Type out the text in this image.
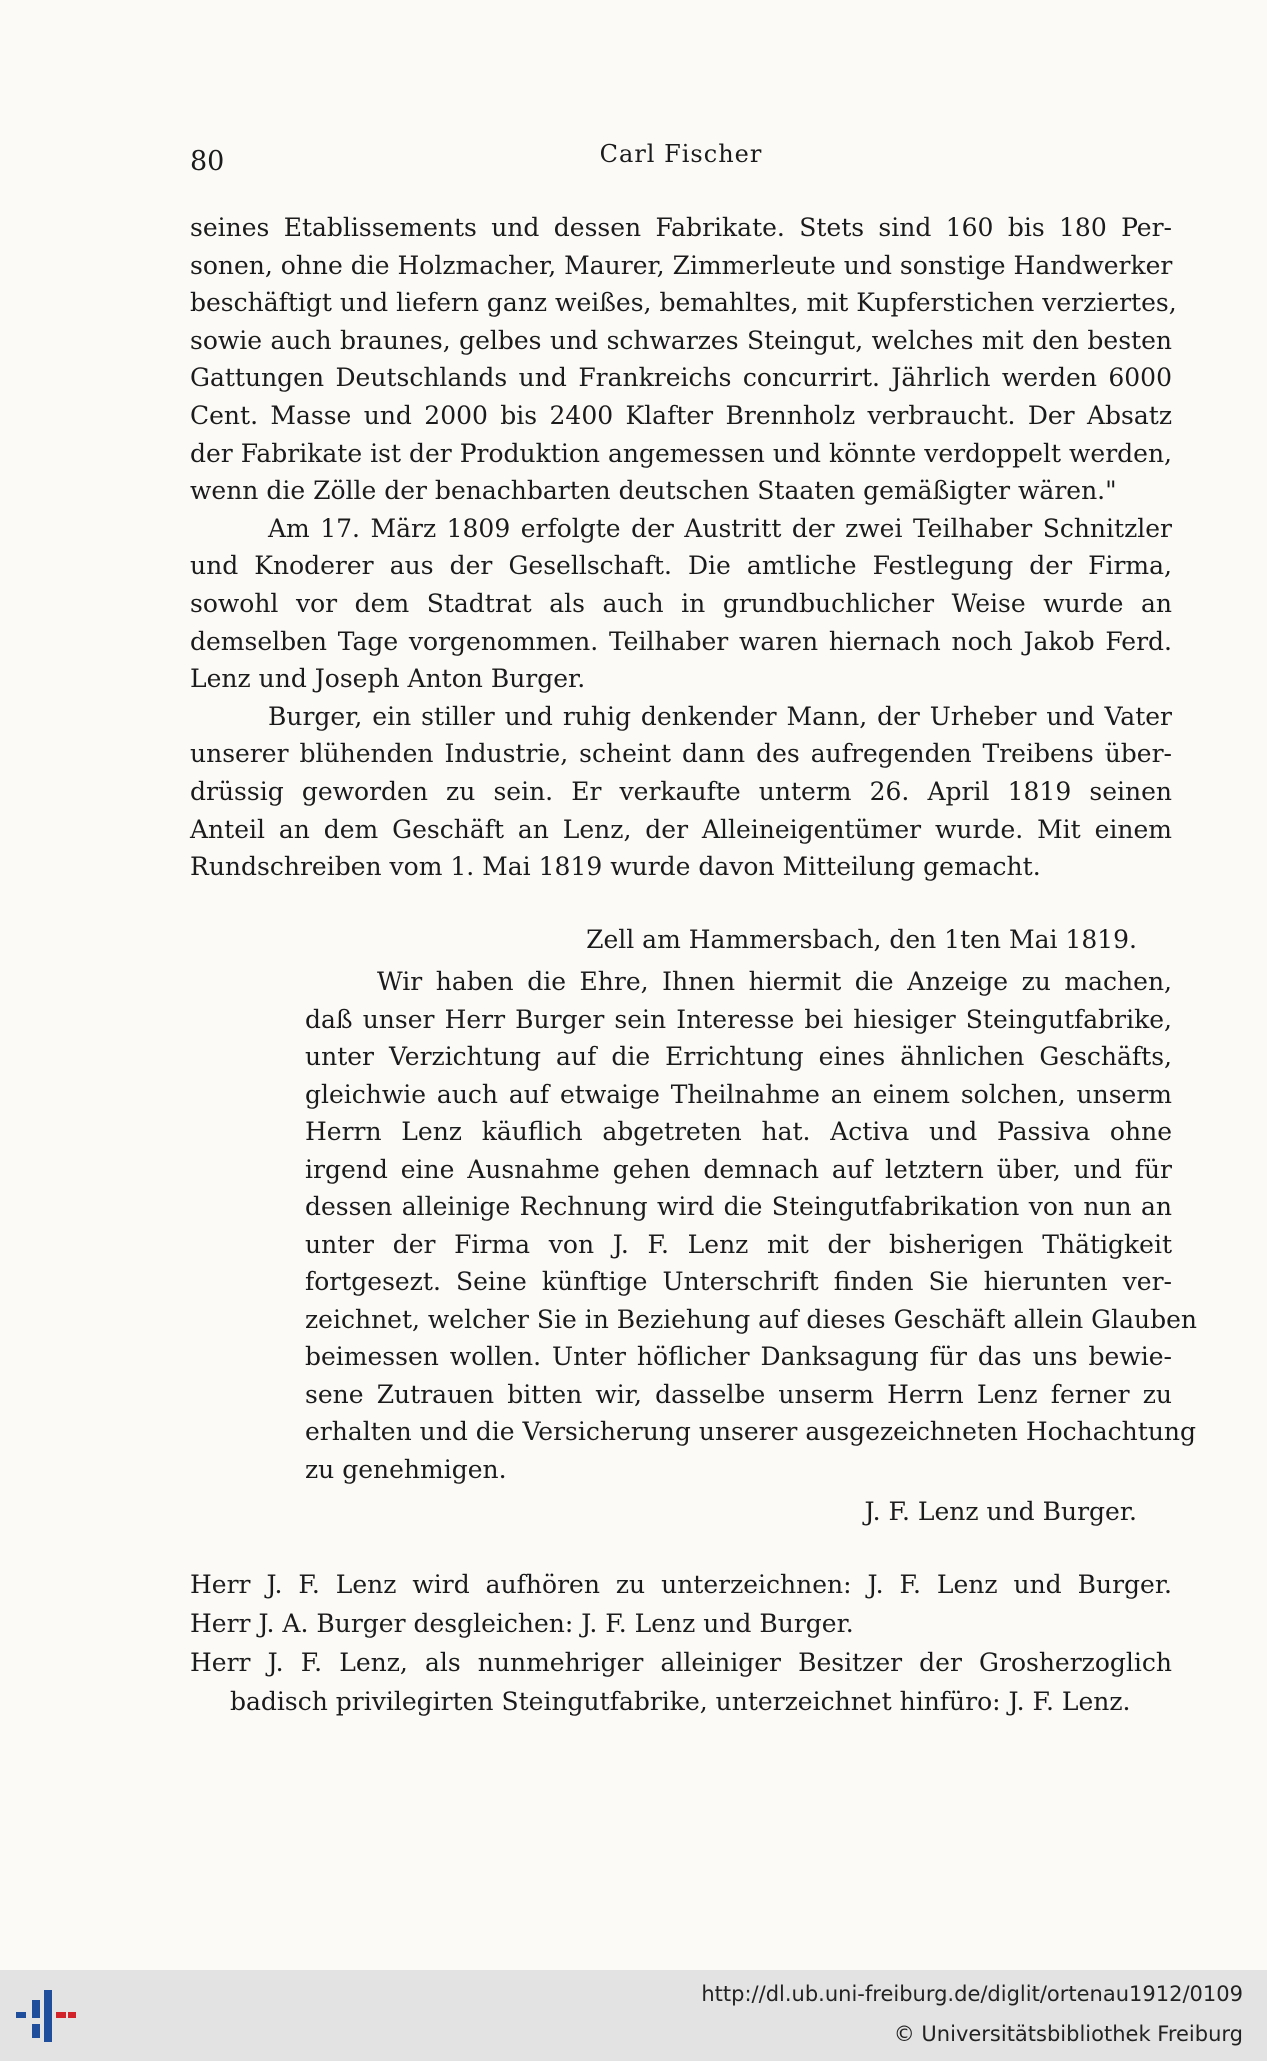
80	Carl Fischer
seines Etablissements und dessen Fabrikate. Stets sind 160 bis 180 Per-
sonen, ohne die Holzmacher, Maurer, Zimmerleute und sonstige Handwerker
beschäftigt und liefern ganz weißes, bemahltes, mit Kupferstichen verziertes,
sowie auch braunes, gelbes und schwarzes Steingut, welches mit den besten
Gattungen Deutschlands und Frankreichs concurrirt. Jährlich werden 6000
Cent. Masse und 2000 bis 2400 Klafter Brennholz verbraucht. Der Absatz
der Fabrikate ist der Produktion angemessen und könnte verdoppelt werden,
wenn die Zölle der benachbarten deutschen Staaten gemäßigter wären."
Am 17. März 1809 erfolgte der Austritt der zwei Teilhaber Schnitzler
und Knoderer aus der Gesellschaft. Die amtliche Festlegung der Firma,
sowohl vor dem Stadtrat als auch in grundbuchlicher Weise wurde an
demselben Tage vorgenommen. Teilhaber waren hiernach noch Jakob Ferd.
Lenz und Joseph Anton Burger.
Burger, ein stiller und ruhig denkender Mann, der Urheber und Vater
unserer blühenden Industrie, scheint dann des aufregenden Treibens über-
drüssig geworden zu sein. Er verkaufte unterm 26. April 1819 seinen
Anteil an dem Geschäft an Lenz, der Alleineigentümer wurde. Mit einem
Rundschreiben vom 1. Mai 1819 wurde davon Mitteilung gemacht.
Zell am Hammersbach, den 1ten Mai 1819.
Wir haben die Ehre, Ihnen hiermit die Anzeige zu machen,
daß unser Herr Burger sein Interesse bei hiesiger Steingutfabrike,
unter Verzichtung auf die Errichtung eines ähnlichen Geschäfts,
gleichwie auch auf etwaige Theilnahme an einem solchen, unserm
Herrn Lenz käuflich abgetreten hat. Activa und Passiva ohne
irgend eine Ausnahme gehen demnach auf letztern über, und für
dessen alleinige Rechnung wird die Steingutfabrikation von nun an
unter der Firma von J. F. Lenz mit der bisherigen Thätigkeit
fortgesezt. Seine künftige Unterschrift finden Sie hierunten ver-
zeichnet, welcher Sie in Beziehung auf dieses Geschäft allein Glauben
beimessen wollen. Unter höflicher Danksagung für das uns bewie-
sene Zutrauen bitten wir, dasselbe unserm Herrn Lenz ferner zu
erhalten und die Versicherung unserer ausgezeichneten Hochachtung
zu genehmigen.
J. F. Lenz und Burger.
Herr J. F. Lenz wird aufhören zu unterzeichnen: J. F. Lenz und Burger.
Herr J. A. Burger desgleichen: J. F. Lenz und Burger.
Herr J. F. Lenz, als nunmehriger alleiniger Besitzer der Grosherzoglich
badisch privilegirten Steingutfabrike, unterzeichnet hinfüro: J. F. Lenz.
http://dl.ub.uni-freiburg.de/diglit/ortenau1912/0109
© Universitätsbibliothek Freiburg
